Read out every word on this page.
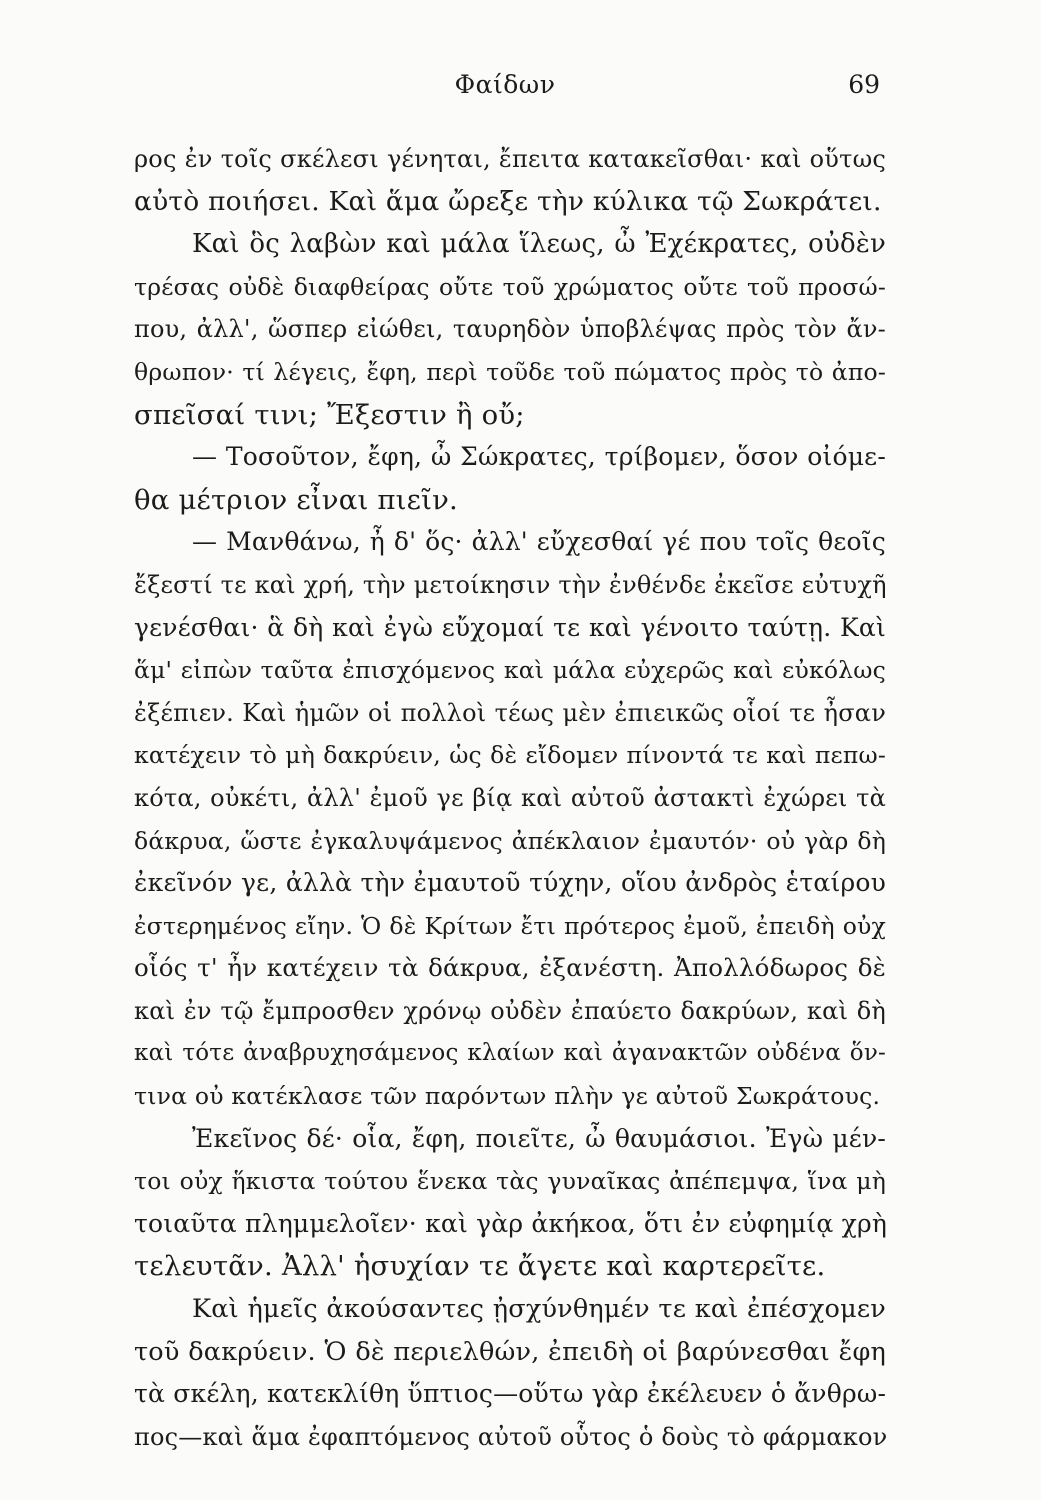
Φαίδων	69
ρος ἐν τοῖς σκέλεσι γένηται, ἔπειτα κατακεῖσθαι· καὶ οὕτως
αὐτὸ ποιήσει. Καὶ ἅμα ὤρεξε τὴν κύλικα τῷ Σωκράτει.
Καὶ ὃς λαβὼν καὶ μάλα ἵλεως, ὦ Ἐχέκρατες, οὐδὲν
τρέσας οὐδὲ διαφθείρας οὔτε τοῦ χρώματος οὔτε τοῦ προσώ-
που, ἀλλ', ὥσπερ εἰώθει, ταυρηδὸν ὑποβλέψας πρὸς τὸν ἄν-
θρωπον· τί λέγεις, ἔφη, περὶ τοῦδε τοῦ πώματος πρὸς τὸ ἀπο-
σπεῖσαί τινι; Ἔξεστιν ἢ οὔ;
— Τοσοῦτον, ἔφη, ὦ Σώκρατες, τρίβομεν, ὅσον οἰόμε-
θα μέτριον εἶναι πιεῖν.
— Μανθάνω, ἦ δ' ὅς· ἀλλ' εὔχεσθαί γέ που τοῖς θεοῖς
ἔξεστί τε καὶ χρή, τὴν μετοίκησιν τὴν ἐνθένδε ἐκεῖσε εὐτυχῆ
γενέσθαι· ἃ δὴ καὶ ἐγὼ εὔχομαί τε καὶ γένοιτο ταύτῃ. Καὶ
ἅμ' εἰπὼν ταῦτα ἐπισχόμενος καὶ μάλα εὐχερῶς καὶ εὐκόλως
ἐξέπιεν. Καὶ ἡμῶν οἱ πολλοὶ τέως μὲν ἐπιεικῶς οἷοί τε ἦσαν
κατέχειν τὸ μὴ δακρύειν, ὡς δὲ εἴδομεν πίνοντά τε καὶ πεπω-
κότα, οὐκέτι, ἀλλ' ἐμοῦ γε βίᾳ καὶ αὐτοῦ ἀστακτὶ ἐχώρει τὰ
δάκρυα, ὥστε ἐγκαλυψάμενος ἀπέκλαιον ἐμαυτόν· οὐ γὰρ δὴ
ἐκεῖνόν γε, ἀλλὰ τὴν ἐμαυτοῦ τύχην, οἵου ἀνδρὸς ἑταίρου
ἐστερημένος εἴην. Ὁ δὲ Κρίτων ἔτι πρότερος ἐμοῦ, ἐπειδὴ οὐχ
οἷός τ' ἦν κατέχειν τὰ δάκρυα, ἐξανέστη. Ἀπολλόδωρος δὲ
καὶ ἐν τῷ ἔμπροσθεν χρόνῳ οὐδὲν ἐπαύετο δακρύων, καὶ δὴ
καὶ τότε ἀναβρυχησάμενος κλαίων καὶ ἀγανακτῶν οὐδένα ὅν-
τινα οὐ κατέκλασε τῶν παρόντων πλὴν γε αὐτοῦ Σωκράτους.
Ἐκεῖνος δέ· οἷα, ἔφη, ποιεῖτε, ὦ θαυμάσιοι. Ἐγὼ μέν-
τοι οὐχ ἥκιστα τούτου ἕνεκα τὰς γυναῖκας ἀπέπεμψα, ἵνα μὴ
τοιαῦτα πλημμελοῖεν· καὶ γὰρ ἀκήκοα, ὅτι ἐν εὐφημίᾳ χρὴ
τελευτᾶν. Ἀλλ' ἡσυχίαν τε ἄγετε καὶ καρτερεῖτε.
Καὶ ἡμεῖς ἀκούσαντες ᾐσχύνθημέν τε καὶ ἐπέσχομεν
τοῦ δακρύειν. Ὁ δὲ περιελθών, ἐπειδὴ οἱ βαρύνεσθαι ἔφη
τὰ σκέλη, κατεκλίθη ὕπτιος—οὕτω γὰρ ἐκέλευεν ὁ ἄνθρω-
πος—καὶ ἅμα ἐφαπτόμενος αὐτοῦ οὗτος ὁ δοὺς τὸ φάρμακον
